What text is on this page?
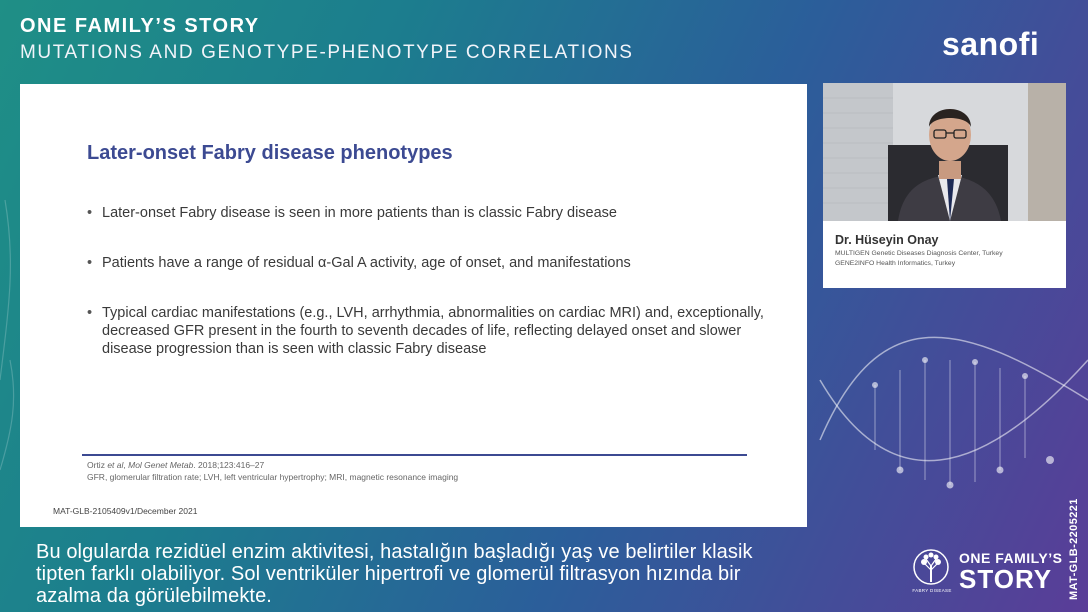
ONE FAMILY’S STORY
MUTATIONS AND GENOTYPE-PHENOTYPE CORRELATIONS	sanofi
Later-onset Fabry disease phenotypes
• Later-onset Fabry disease is seen in more patients than is classic Fabry disease
• Patients have a range of residual α-Gal A activity, age of onset, and manifestations
• Typical cardiac manifestations (e.g., LVH, arrhythmia, abnormalities on cardiac MRI) and, exceptionally, decreased GFR present in the fourth to seventh decades of life, reflecting delayed onset and slower disease progression than is seen with classic Fabry disease
Ortiz et al, Mol Genet Metab. 2018;123:416–27
GFR, glomerular filtration rate; LVH, left ventricular hypertrophy; MRI, magnetic resonance imaging
MAT-GLB-2105409v1/December 2021
Dr. Hüseyin Onay
MULTIGEN Genetic Diseases Diagnosis Center, Turkey
GENE2INFO Health Informatics, Turkey
Bu olgularda rezidüel enzim aktivitesi, hastalığın başladığı yaş ve belirtiler klasik
tipten farklı olabiliyor. Sol ventriküler hipertrofi ve glomerül filtrasyon hızında bir
azalma da görülebilmekte.	FABRY DISEASE
ONE FAMILY’S
STORY MAT-GLB-2205221
